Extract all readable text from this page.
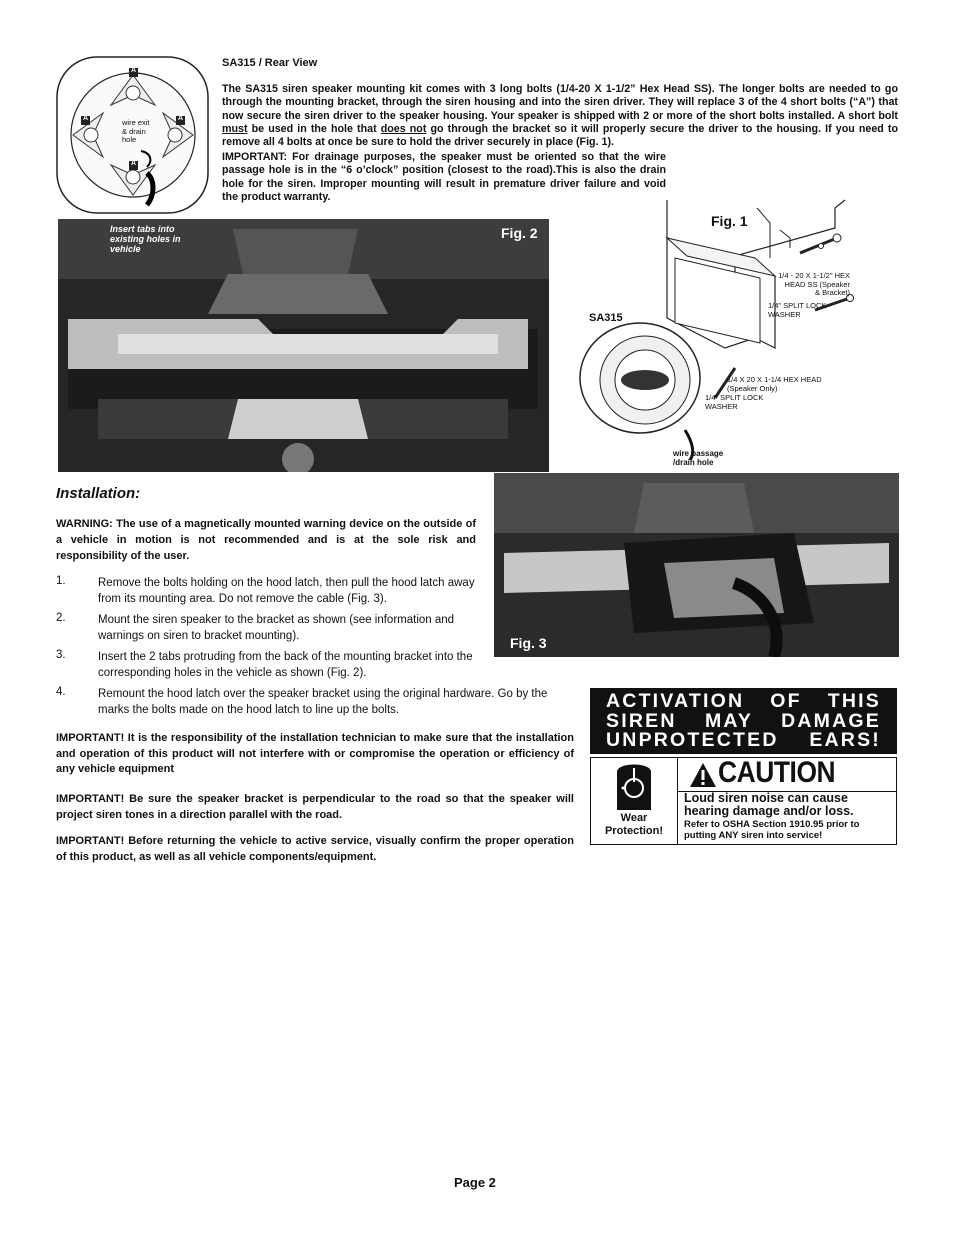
A
A	A
A
wire exit & drain hole
SA315 / Rear View
The SA315 siren speaker mounting kit comes with 3 long bolts (1/4-20 X 1-1/2” Hex Head SS). The longer bolts are needed to go through the mounting bracket, through the siren housing and into the siren driver. They will replace 3 of the 4 short bolts (“A”) that now secure the siren driver to the speaker housing. Your speaker is shipped with 2 or more of the short bolts installed. A short bolt must be used in the hole that does not go through the bracket so it will properly secure the driver to the housing. If you need to remove all 4 bolts at once be sure to hold the driver securely in place (Fig. 1).
IMPORTANT: For drainage purposes, the speaker must be oriented so that the wire passage hole is in the “6 o’clock” position (closest to the road).This is also the drain hole for the siren. Improper mounting will result in premature driver failure and void the product warranty.
Fig. 1
SA315
1/4 - 20 X 1-1/2" HEX HEAD SS (Speaker & Bracket)
1/4" SPLIT LOCK WASHER
1/4 X 20 X 1-1/4 HEX HEAD (Speaker Only)
1/4" SPLIT LOCK WASHER
wire passage /drain hole
Fig. 2
Insert tabs into existing holes in vehicle
Fig. 3
Installation:
WARNING: The use of a magnetically mounted warning device on the outside of a vehicle in motion is not recommended and is at the sole risk and responsibility of the user.
1.	Remove the bolts holding on the hood latch, then pull the hood latch away from its mounting area. Do not remove the cable (Fig. 3).
2.	Mount the siren speaker to the bracket as shown (see information and warnings on siren to bracket mounting).
3.	Insert the 2 tabs protruding from the back of the mounting bracket into the corresponding holes in the vehicle as shown (Fig. 2).
4.	Remount the hood latch over the speaker bracket using the original hardware. Go by the marks the bolts made on the hood latch to line up the bolts.
IMPORTANT! It is the responsibility of the installation technician to make sure that the installation and operation of this product will not interfere with or compromise the operation or efficiency of any vehicle equipment
IMPORTANT! Be sure the speaker bracket is perpendicular to the road so that the speaker will project siren tones in a direction parallel with the road.
IMPORTANT! Before returning the vehicle to active service, visually confirm the proper operation of this product, as well as all vehicle components/equipment.
ACTIVATION OF THIS SIREN MAY DAMAGE UNPROTECTED EARS!
Wear Protection!
CAUTION
Loud siren noise can cause hearing damage and/or loss.
Refer to OSHA Section 1910.95 prior to putting ANY siren into service!
Page 2
